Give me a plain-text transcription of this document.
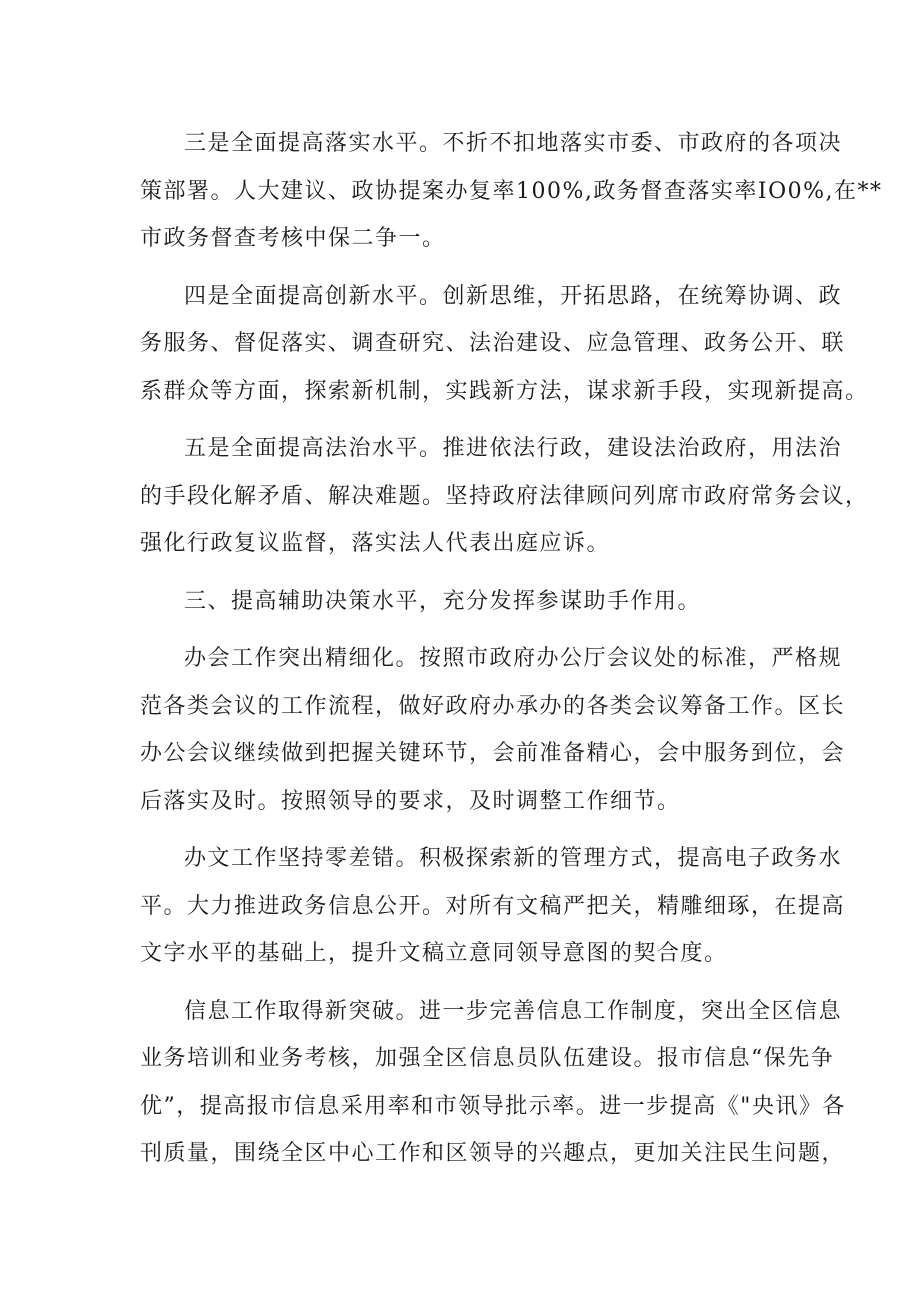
三是全面提高落实水平。不折不扣地落实市委、市政府的各项决
策部署。人大建议、政协提案办复率100%,政务督查落实率IO0%,在**
市政务督查考核中保二争一。

四是全面提高创新水平。创新思维，开拓思路，在统筹协调、政
务服务、督促落实、调查研究、法治建设、应急管理、政务公开、联
系群众等方面，探索新机制，实践新方法，谋求新手段，实现新提高。

五是全面提高法治水平。推进依法行政，建设法治政府，用法治
的手段化解矛盾、解决难题。坚持政府法律顾问列席市政府常务会议，
强化行政复议监督，落实法人代表出庭应诉。

三、提高辅助决策水平，充分发挥参谋助手作用。

办会工作突出精细化。按照市政府办公厅会议处的标准，严格规
范各类会议的工作流程，做好政府办承办的各类会议筹备工作。区长
办公会议继续做到把握关键环节，会前准备精心，会中服务到位，会
后落实及时。按照领导的要求，及时调整工作细节。

办文工作坚持零差错。积极探索新的管理方式，提高电子政务水
平。大力推进政务信息公开。对所有文稿严把关，精雕细琢，在提高
文字水平的基础上，提升文稿立意同领导意图的契合度。

信息工作取得新突破。进一步完善信息工作制度，突出全区信息
业务培训和业务考核，加强全区信息员队伍建设。报市信息“保先争
优”，提高报市信息采用率和市领导批示率。进一步提高《"央讯》各
刊质量，围绕全区中心工作和区领导的兴趣点，更加关注民生问题，
